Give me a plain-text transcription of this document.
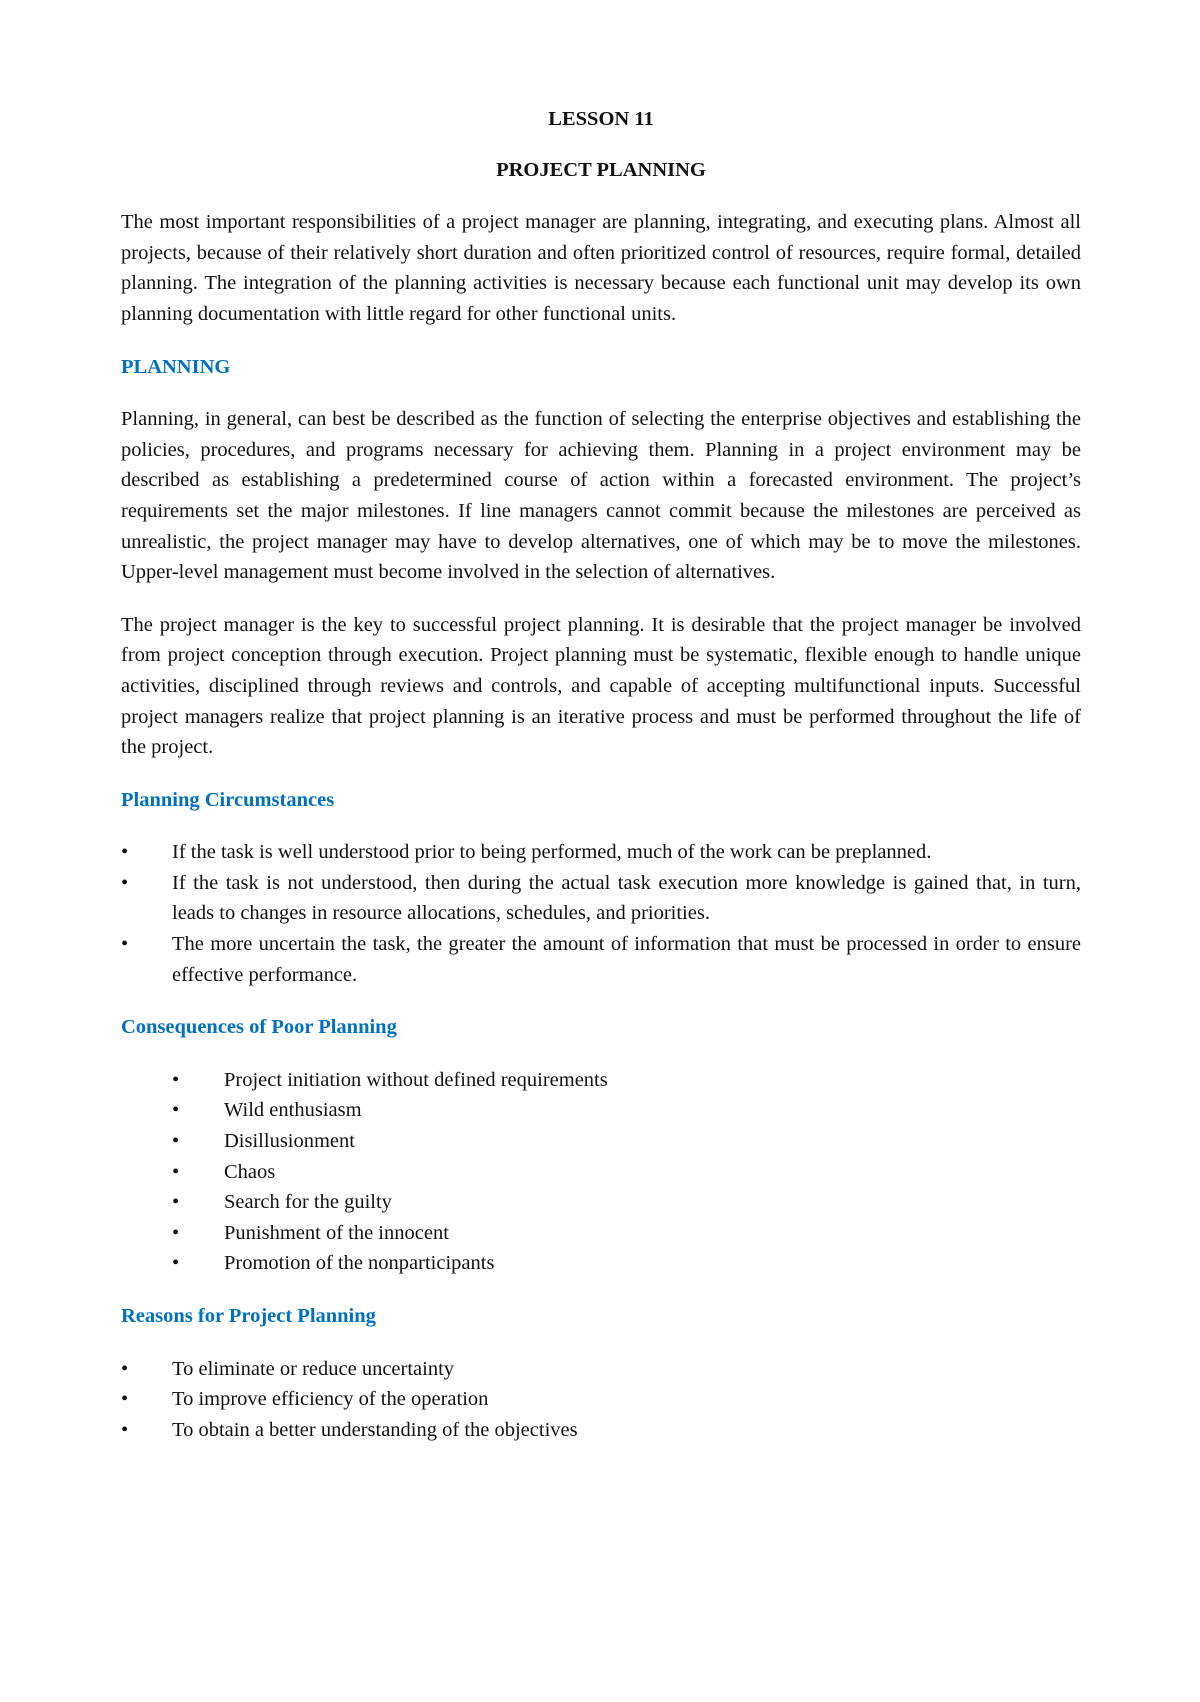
LESSON 11
PROJECT PLANNING

The most important responsibilities of a project manager are planning, integrating, and executing plans. Almost all projects, because of their relatively short duration and often prioritized control of resources, require formal, detailed planning. The integration of the planning activities is necessary because each functional unit may develop its own planning documentation with little regard for other functional units.

PLANNING

Planning, in general, can best be described as the function of selecting the enterprise objectives and establishing the policies, procedures, and programs necessary for achieving them. Planning in a project environment may be described as establishing a predetermined course of action within a forecasted environment. The project’s requirements set the major milestones. If line managers cannot commit because the milestones are perceived as unrealistic, the project manager may have to develop alternatives, one of which may be to move the milestones. Upper-level management must become involved in the selection of alternatives.

The project manager is the key to successful project planning. It is desirable that the project manager be involved from project conception through execution. Project planning must be systematic, flexible enough to handle unique activities, disciplined through reviews and controls, and capable of accepting multifunctional inputs. Successful project managers realize that project planning is an iterative process and must be performed throughout the life of the project.

Planning Circumstances
• If the task is well understood prior to being performed, much of the work can be preplanned.
• If the task is not understood, then during the actual task execution more knowledge is gained that, in turn, leads to changes in resource allocations, schedules, and priorities.
• The more uncertain the task, the greater the amount of information that must be processed in order to ensure effective performance.
Consequences of Poor Planning
• Project initiation without defined requirements
• Wild enthusiasm
• Disillusionment
• Chaos
• Search for the guilty
• Punishment of the innocent
• Promotion of the nonparticipants
Reasons for Project Planning
• To eliminate or reduce uncertainty
• To improve efficiency of the operation
• To obtain a better understanding of the objectives
